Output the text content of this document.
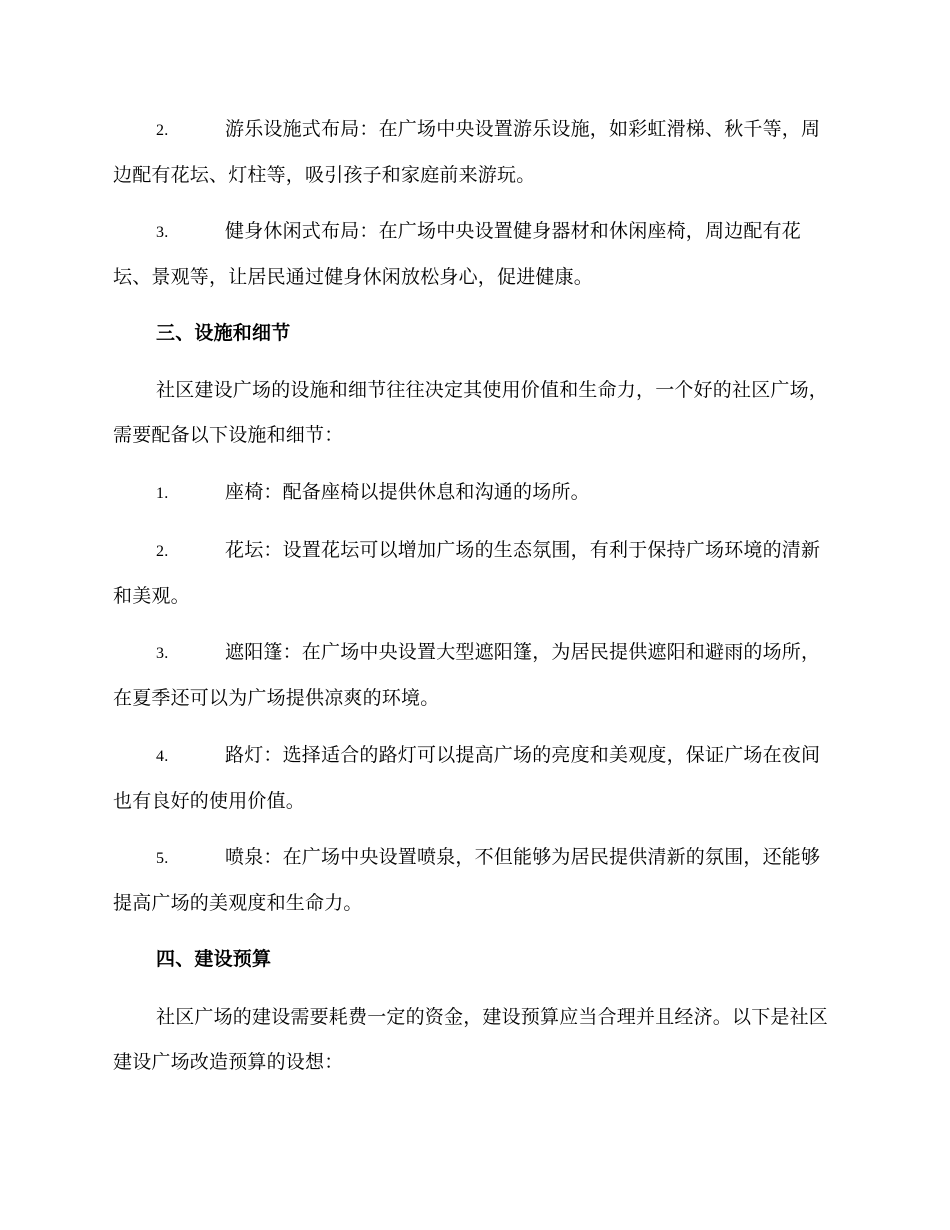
2.	游乐设施式布局：在广场中央设置游乐设施，如彩虹滑梯、秋千等，周边配有花坛、灯柱等，吸引孩子和家庭前来游玩。
3.	健身休闲式布局：在广场中央设置健身器材和休闲座椅，周边配有花坛、景观等，让居民通过健身休闲放松身心，促进健康。
三、设施和细节
社区建设广场的设施和细节往往决定其使用价值和生命力，一个好的社区广场，需要配备以下设施和细节：
1.	座椅：配备座椅以提供休息和沟通的场所。
2.	花坛：设置花坛可以增加广场的生态氛围，有利于保持广场环境的清新和美观。
3.	遮阳篷：在广场中央设置大型遮阳篷，为居民提供遮阳和避雨的场所，在夏季还可以为广场提供凉爽的环境。
4.	路灯：选择适合的路灯可以提高广场的亮度和美观度，保证广场在夜间也有良好的使用价值。
5.	喷泉：在广场中央设置喷泉，不但能够为居民提供清新的氛围，还能够提高广场的美观度和生命力。
四、建设预算
社区广场的建设需要耗费一定的资金，建设预算应当合理并且经济。以下是社区建设广场改造预算的设想：
